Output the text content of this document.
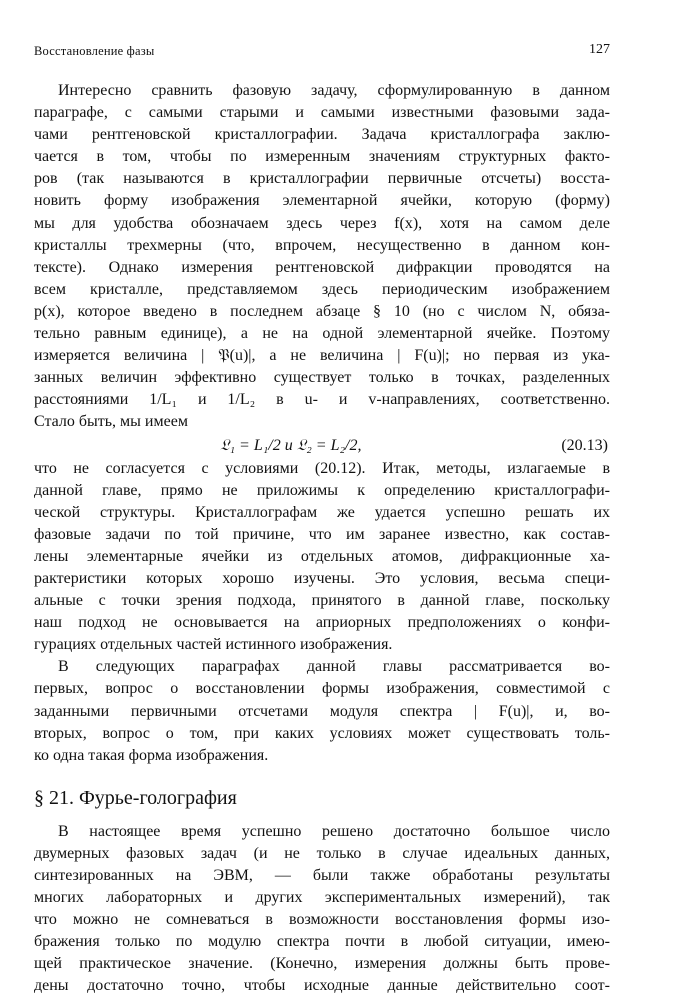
Восстановление фазы	127
Интересно сравнить фазовую задачу, сформулированную в данном
параграфе, с самыми старыми и самыми известными фазовыми зада-
чами рентгеновской кристаллографии. Задача кристаллографа заклю-
чается в том, чтобы по измеренным значениям структурных факто-
ров (так называются в кристаллографии первичные отсчеты) восста-
новить форму изображения элементарной ячейки, которую (форму)
мы для удобства обозначаем здесь через f(x), хотя на самом деле
кристаллы трехмерны (что, впрочем, несущественно в данном кон-
тексте). Однако измерения рентгеновской дифракции проводятся на
всем кристалле, представляемом здесь периодическим изображением
p(x), которое введено в последнем абзаце § 10 (но с числом N, обяза-
тельно равным единице), а не на одной элементарной ячейке. Поэтому
измеряется величина | 𝔓(u)|, а не величина | F(u)|; но первая из ука-
занных величин эффективно существует только в точках, разделенных
расстояниями 1/L₁ и 1/L₂ в u- и v-направлениях, соответственно.
Стало быть, мы имеем
𝔏₁ = L₁/2 и 𝔏₂ = L₂/2,	(20.13)
что не согласуется с условиями (20.12). Итак, методы, излагаемые в
данной главе, прямо не приложимы к определению кристаллографи-
ческой структуры. Кристаллографам же удается успешно решать их
фазовые задачи по той причине, что им заранее известно, как состав-
лены элементарные ячейки из отдельных атомов, дифракционные ха-
рактеристики которых хорошо изучены. Это условия, весьма специ-
альные с точки зрения подхода, принятого в данной главе, поскольку
наш подход не основывается на априорных предположениях о конфи-
гурациях отдельных частей истинного изображения.
В следующих параграфах данной главы рассматривается во-
первых, вопрос о восстановлении формы изображения, совместимой с
заданными первичными отсчетами модуля спектра | F(u)|, и, во-
вторых, вопрос о том, при каких условиях может существовать толь-
ко одна такая форма изображения.
§ 21. Фурье-голография
В настоящее время успешно решено достаточно большое число
двумерных фазовых задач (и не только в случае идеальных данных,
синтезированных на ЭВМ, — были также обработаны результаты
многих лабораторных и других экспериментальных измерений), так
что можно не сомневаться в возможности восстановления формы изо-
бражения только по модулю спектра почти в любой ситуации, имею-
щей практическое значение. (Конечно, измерения должны быть прове-
дены достаточно точно, чтобы исходные данные действительно соот-
